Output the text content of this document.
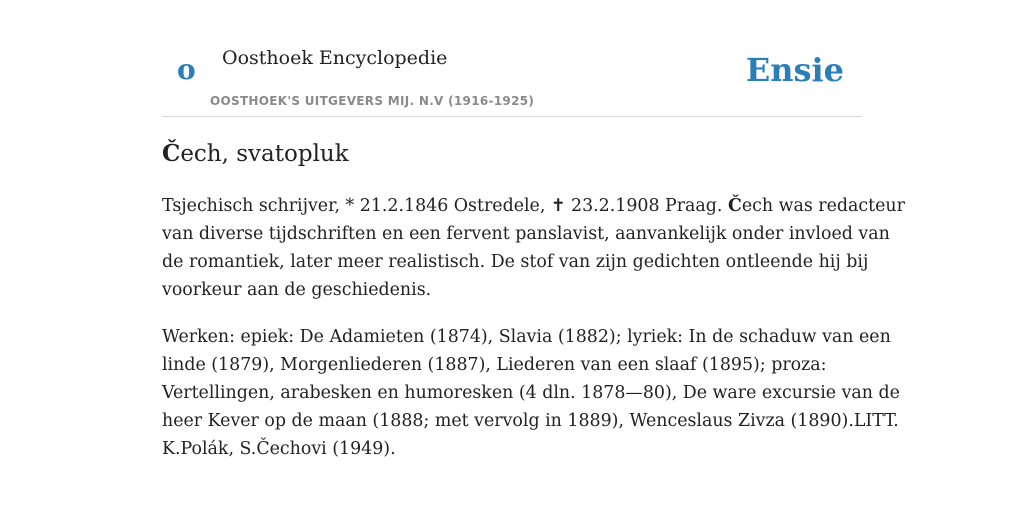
o Oosthoek Encyclopedie
OOSTHOEK'S UITGEVERS MIJ. N.V (1916-1925)
Ensie
Čech, svatopluk

Tsjechisch schrijver, * 21.2.1846 Ostredele, ✝ 23.2.1908 Praag. Čech was redacteur
van diverse tijdschriften en een fervent panslavist, aanvankelijk onder invloed van
de romantiek, later meer realistisch. De stof van zijn gedichten ontleende hij bij
voorkeur aan de geschiedenis.

Werken: epiek: De Adamieten (1874), Slavia (1882); lyriek: In de schaduw van een
linde (1879), Morgenliederen (1887), Liederen van een slaaf (1895); proza:
Vertellingen, arabesken en humoresken (4 dln. 1878—80), De ware excursie van de
heer Kever op de maan (1888; met vervolg in 1889), Wenceslaus Zivza (1890).LITT.
K.Polák, S.Čechovi (1949).
